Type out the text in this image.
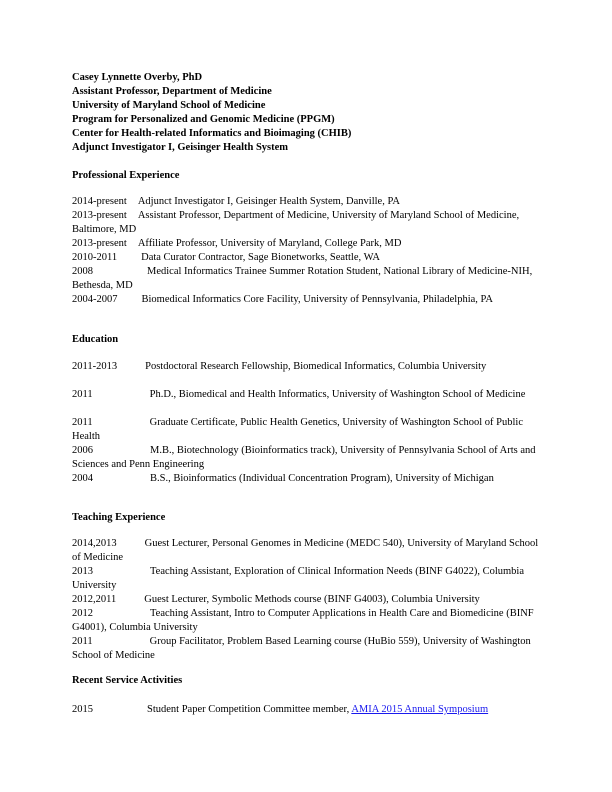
Casey Lynnette Overby, PhD
Assistant Professor, Department of Medicine
University of Maryland School of Medicine
Program for Personalized and Genomic Medicine (PPGM)
Center for Health-related Informatics and Bioimaging (CHIB)
Adjunct Investigator I, Geisinger Health System
Professional Experience
2014-present Adjunct Investigator I, Geisinger Health System, Danville, PA
2013-present Assistant Professor, Department of Medicine, University of Maryland School of Medicine, Baltimore, MD
2013-present Affiliate Professor, University of Maryland, College Park, MD
2010-2011 Data Curator Contractor, Sage Bionetworks, Seattle, WA
2008	Medical Informatics Trainee Summer Rotation Student, National Library of Medicine-NIH, Bethesda, MD
2004-2007 Biomedical Informatics Core Facility, University of Pennsylvania, Philadelphia, PA
Education
2011-2013	Postdoctoral Research Fellowship, Biomedical Informatics, Columbia University
2011	Ph.D., Biomedical and Health Informatics, University of Washington School of Medicine
2011	Graduate Certificate, Public Health Genetics, University of Washington School of Public Health
2006	M.B., Biotechnology (Bioinformatics track), University of Pennsylvania School of Arts and Sciences and Penn Engineering
2004	B.S., Bioinformatics (Individual Concentration Program), University of Michigan
Teaching Experience
2014,2013	Guest Lecturer, Personal Genomes in Medicine (MEDC 540), University of Maryland School of Medicine
2013	Teaching Assistant, Exploration of Clinical Information Needs (BINF G4022), Columbia University
2012,2011	Guest Lecturer, Symbolic Methods course (BINF G4003), Columbia University
2012	Teaching Assistant, Intro to Computer Applications in Health Care and Biomedicine (BINF G4001), Columbia University
2011	Group Facilitator, Problem Based Learning course (HuBio 559), University of Washington School of Medicine
Recent Service Activities
2015	Student Paper Competition Committee member, AMIA 2015 Annual Symposium
